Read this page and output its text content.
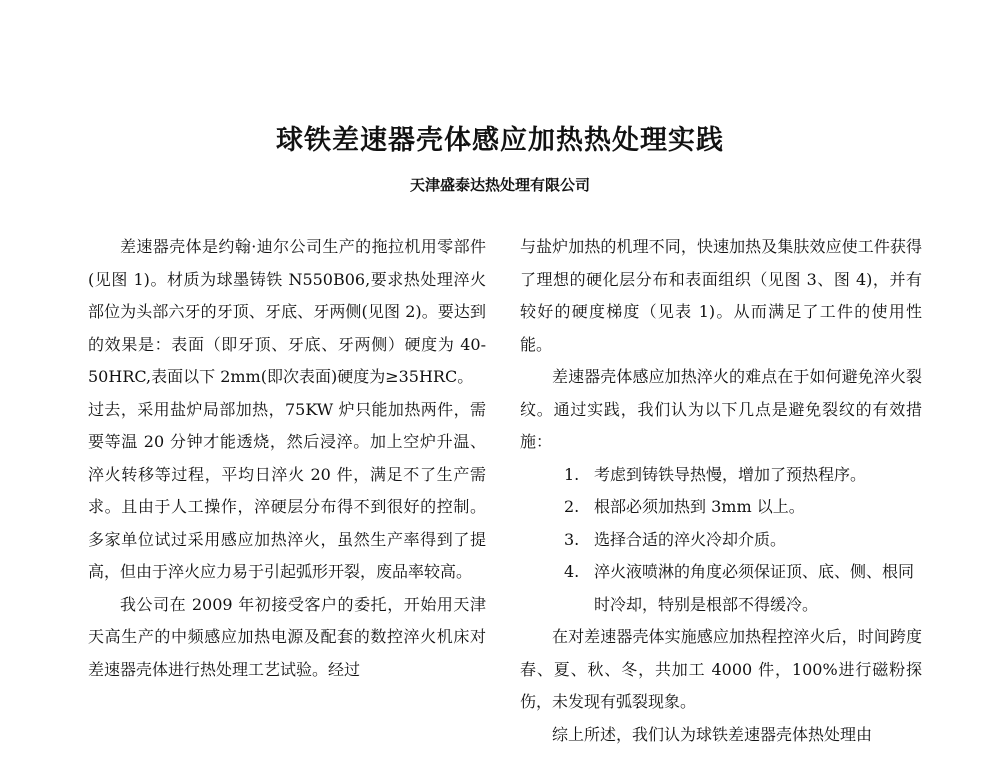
球铁差速器壳体感应加热热处理实践
天津盛泰达热处理有限公司

差速器壳体是约翰·迪尔公司生产的拖拉机用零部件(见图 1)。材质为球墨铸铁 N550B06,要求热处理淬火部位为头部六牙的牙顶、牙底、牙两侧(见图 2)。要达到的效果是：表面（即牙顶、牙底、牙两侧）硬度为 40-50HRC,表面以下 2mm(即次表面)硬度为≥35HRC。

过去，采用盐炉局部加热，75KW 炉只能加热两件，需要等温 20 分钟才能透烧，然后浸淬。加上空炉升温、淬火转移等过程，平均日淬火 20 件，满足不了生产需求。且由于人工操作，淬硬层分布得不到很好的控制。多家单位试过采用感应加热淬火，虽然生产率得到了提高，但由于淬火应力易于引起弧形开裂，废品率较高。

我公司在 2009 年初接受客户的委托，开始用天津天高生产的中频感应加热电源及配套的数控淬火机床对差速器壳体进行热处理工艺试验。经过

与盐炉加热的机理不同，快速加热及集肤效应使工件获得了理想的硬化层分布和表面组织（见图 3、图 4)，并有较好的硬度梯度（见表 1)。从而满足了工件的使用性能。

差速器壳体感应加热淬火的难点在于如何避免淬火裂纹。通过实践，我们认为以下几点是避免裂纹的有效措施：

1. 考虑到铸铁导热慢，增加了预热程序。
2. 根部必须加热到 3mm 以上。
3. 选择合适的淬火冷却介质。
4. 淬火液喷淋的角度必须保证顶、底、侧、根同时冷却，特别是根部不得缓冷。

在对差速器壳体实施感应加热程控淬火后，时间跨度春、夏、秋、冬，共加工 4000 件，100%进行磁粉探伤，未发现有弧裂现象。

综上所述，我们认为球铁差速器壳体热处理由
